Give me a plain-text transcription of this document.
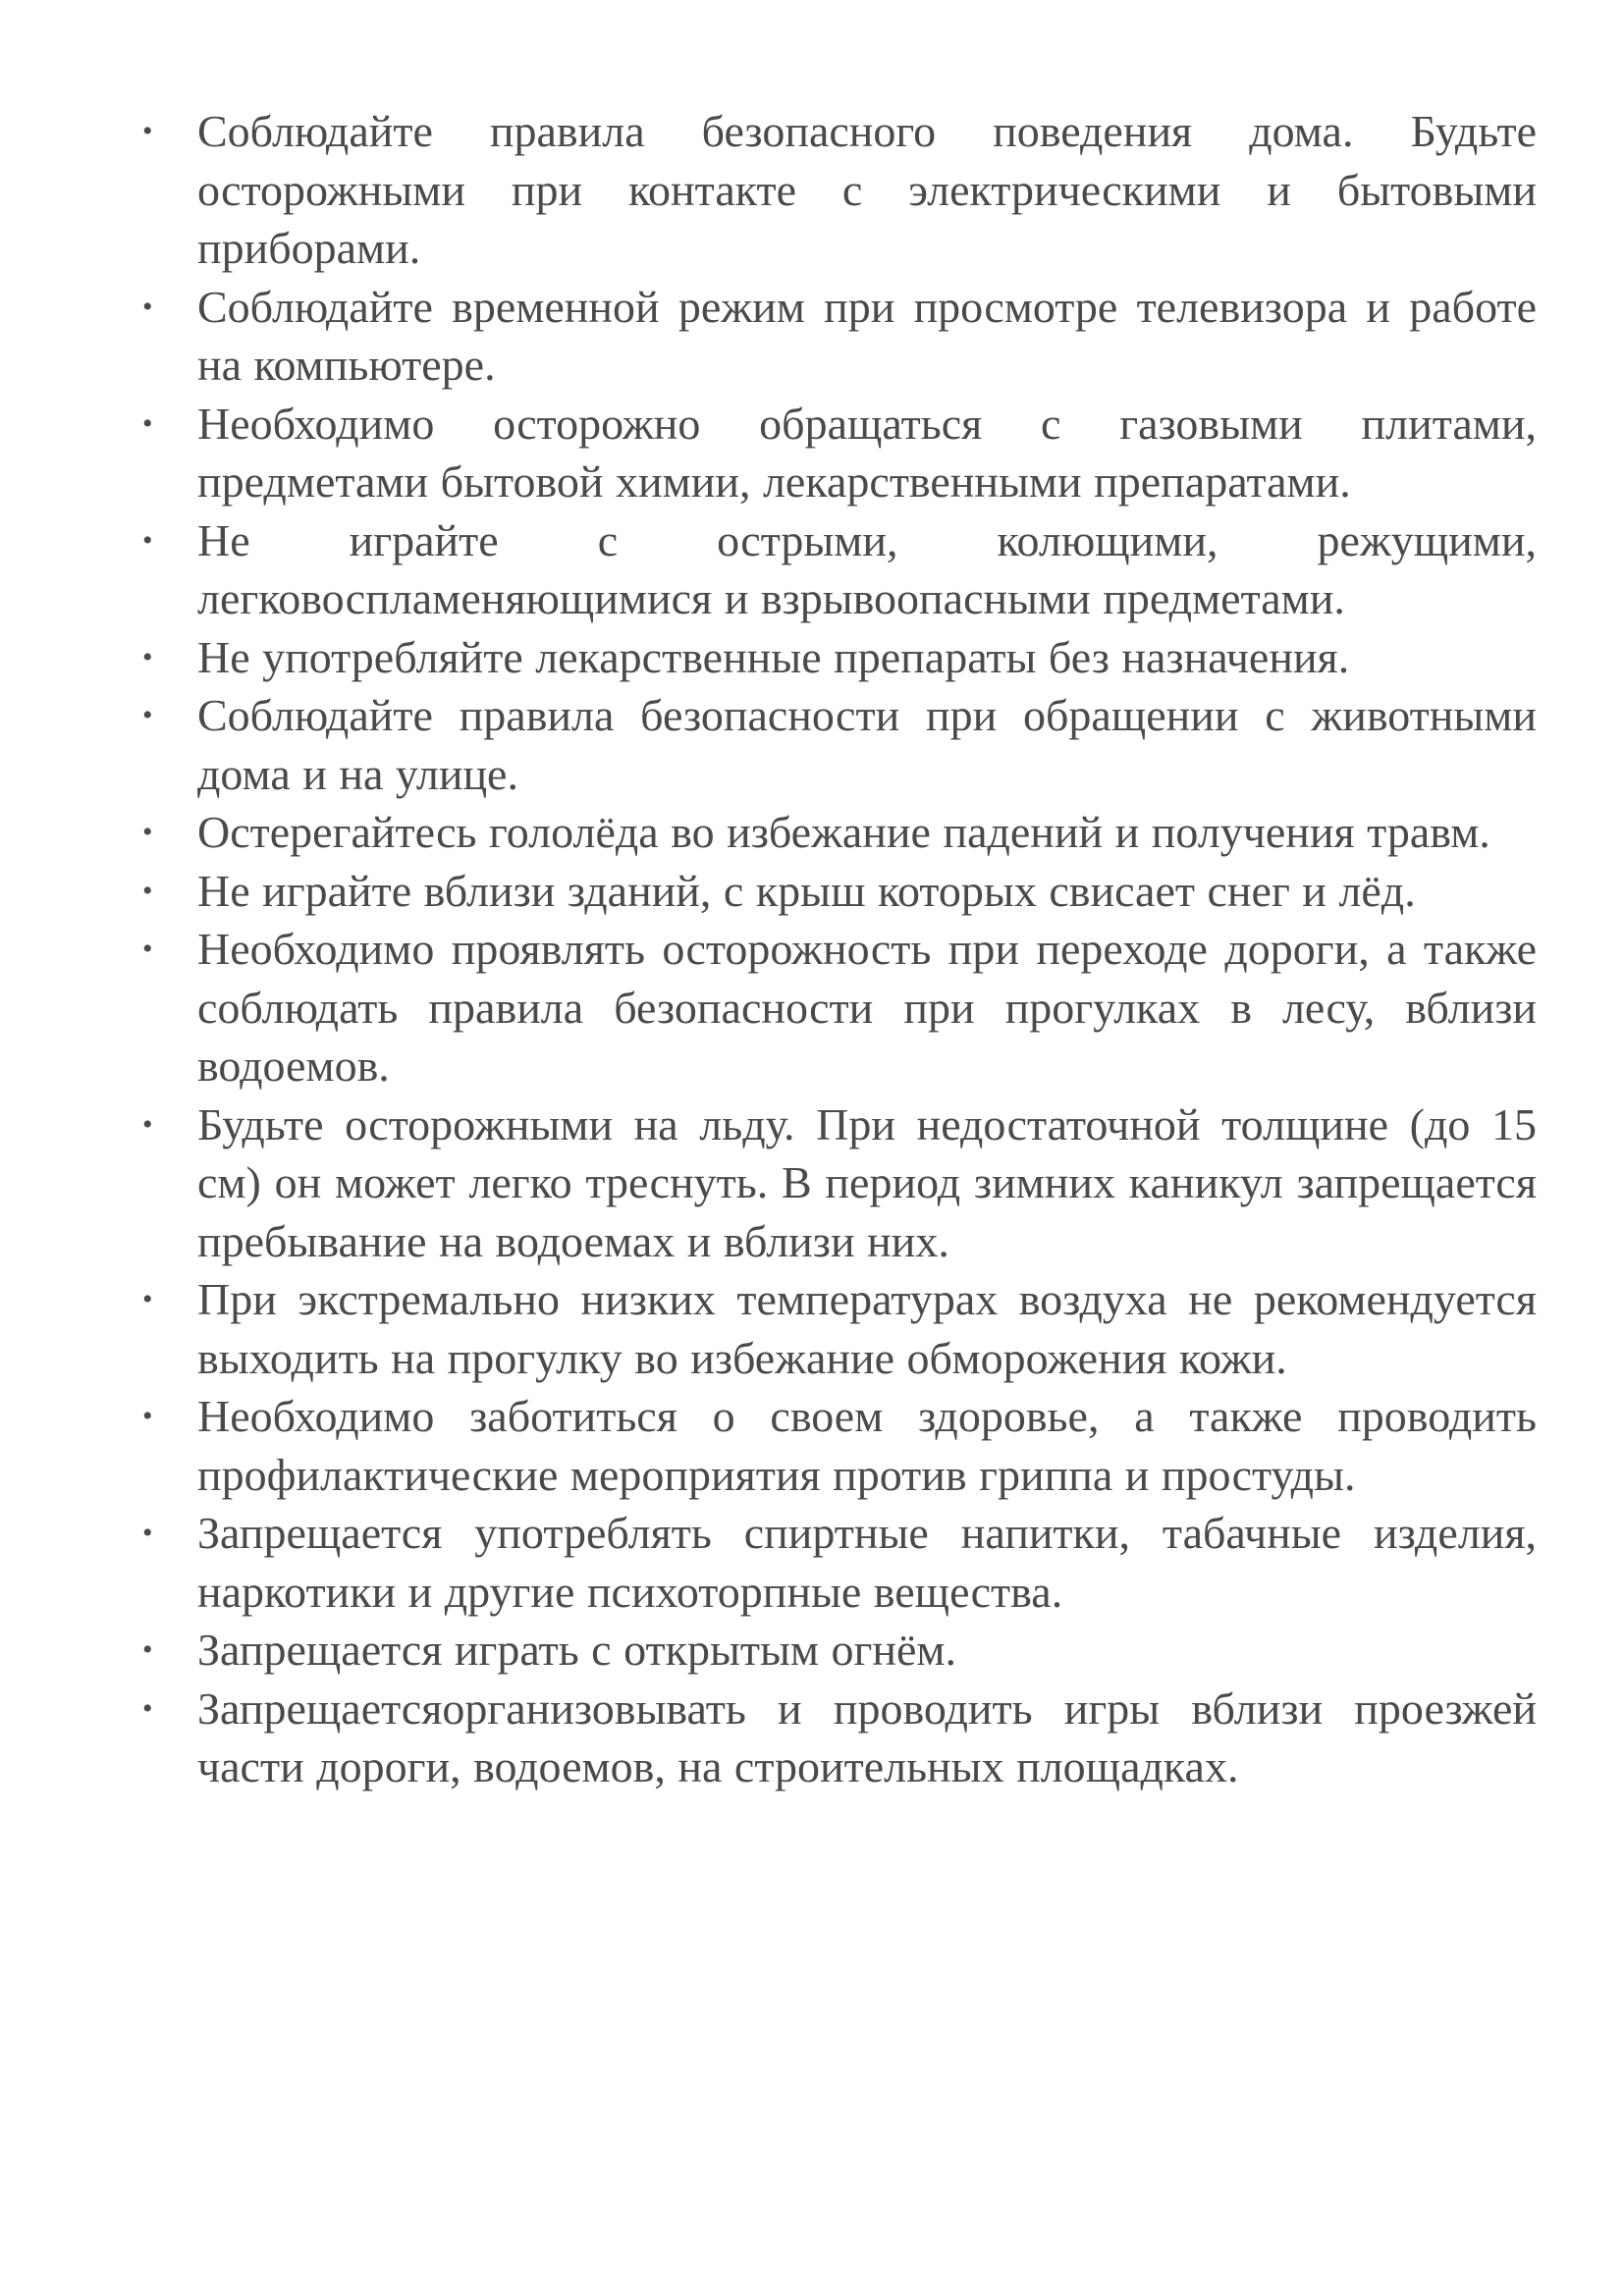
• Соблюдайте правила безопасного поведения дома. Будьте осторожными при контакте с электрическими и бытовыми приборами.
• Соблюдайте временной режим при просмотре телевизора и работе на компьютере.
• Необходимо осторожно обращаться с газовыми плитами, предметами бытовой химии, лекарственными препаратами.
• Не играйте с острыми, колющими, режущими, легковоспламеняющимися и взрывоопасными предметами.
• Не употребляйте лекарственные препараты без назначения.
• Соблюдайте правила безопасности при обращении с животными дома и на улице.
• Остерегайтесь гололёда во избежание падений и получения травм.
• Не играйте вблизи зданий, с крыш которых свисает снег и лёд.
• Необходимо проявлять осторожность при переходе дороги, а также соблюдать правила безопасности при прогулках в лесу, вблизи водоемов.
• Будьте осторожными на льду. При недостаточной толщине (до 15 см) он может легко треснуть. В период зимних каникул запрещается пребывание на водоемах и вблизи них.
• При экстремально низких температурах воздуха не рекомендуется выходить на прогулку во избежание обморожения кожи.
• Необходимо заботиться о своем здоровье, а также проводить профилактические мероприятия против гриппа и простуды.
• Запрещается употреблять спиртные напитки, табачные изделия, наркотики и другие психоторпные вещества.
• Запрещается играть с открытым огнём.
• Запрещаетсяорганизовывать и проводить игры вблизи проезжей части дороги, водоемов, на строительных площадках.
